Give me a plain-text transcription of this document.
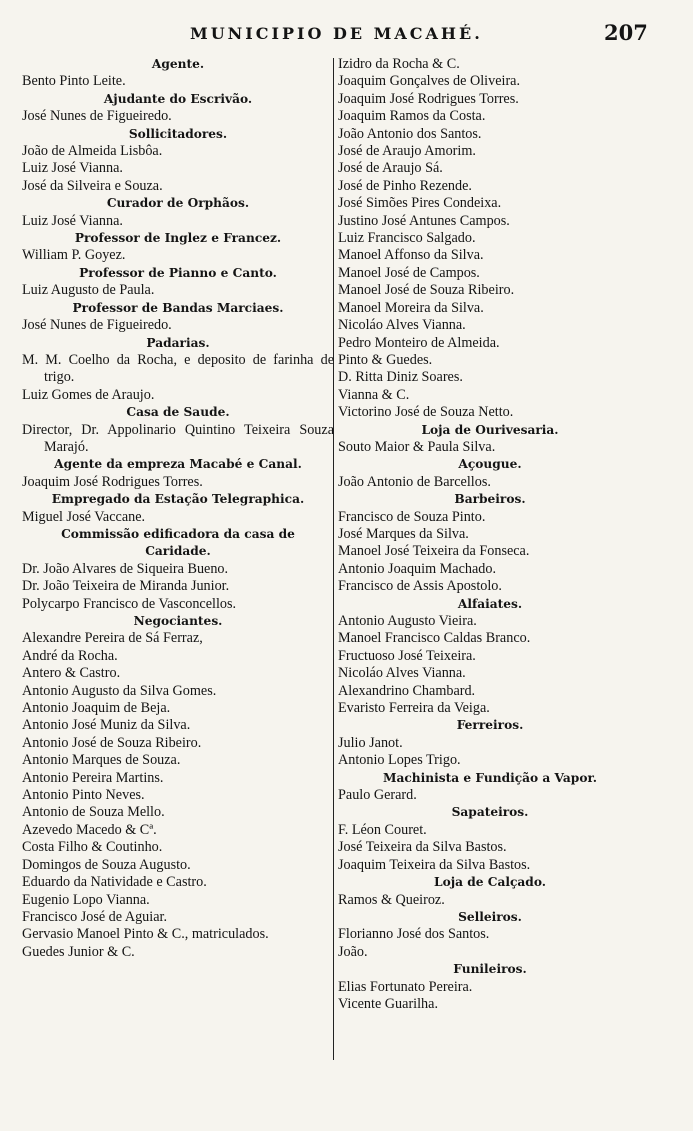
MUNICIPIO DE MACAHÉ.	207
Agente.
Bento Pinto Leite.
Ajudante do Escrivão.
José Nunes de Figueiredo.
Sollicitadores.
João de Almeida Lisbôa.
Luiz José Vianna.
José da Silveira e Souza.
Curador de Orphãos.
Luiz José Vianna.
Professor de Inglez e Francez.
William P. Goyez.
Professor de Pianno e Canto.
Luiz Augusto de Paula.
Professor de Bandas Marciaes.
José Nunes de Figueiredo.
Padarias.
M. M. Coelho da Rocha, e deposito de farinha de trigo.
Luiz Gomes de Araujo.
Casa de Saude.
Director, Dr. Appolinario Quintino Teixeira Souza Marajó.
Agente da empreza Macabé e Canal.
Joaquim José Rodrigues Torres.
Empregado da Estação Telegraphica.
Miguel José Vaccane.
Commissão edificadora da casa de Caridade.
Dr. João Alvares de Siqueira Bueno.
Dr. João Teixeira de Miranda Junior.
Polycarpo Francisco de Vasconcellos.
Negociantes.
Alexandre Pereira de Sá Ferraz,
André da Rocha.
Antero & Castro.
Antonio Augusto da Silva Gomes.
Antonio Joaquim de Beja.
Antonio José Muniz da Silva.
Antonio José de Souza Ribeiro.
Antonio Marques de Souza.
Antonio Pereira Martins.
Antonio Pinto Neves.
Antonio de Souza Mello.
Azevedo Macedo & Cª.
Costa Filho & Coutinho.
Domingos de Souza Augusto.
Eduardo da Natividade e Castro.
Eugenio Lopo Vianna.
Francisco José de Aguiar.
Gervasio Manoel Pinto & C., matriculados.
Guedes Junior & C.
Izidro da Rocha & C.
Joaquim Gonçalves de Oliveira.
Joaquim José Rodrigues Torres.
Joaquim Ramos da Costa.
João Antonio dos Santos.
José de Araujo Amorim.
José de Araujo Sá.
José de Pinho Rezende.
José Simões Pires Condeixa.
Justino José Antunes Campos.
Luiz Francisco Salgado.
Manoel Affonso da Silva.
Manoel José de Campos.
Manoel José de Souza Ribeiro.
Manoel Moreira da Silva.
Nicoláo Alves Vianna.
Pedro Monteiro de Almeida.
Pinto & Guedes.
D. Ritta Diniz Soares.
Vianna & C.
Victorino José de Souza Netto.
Loja de Ourivesaria.
Souto Maior & Paula Silva.
Açougue.
João Antonio de Barcellos.
Barbeiros.
Francisco de Souza Pinto.
José Marques da Silva.
Manoel José Teixeira da Fonseca.
Antonio Joaquim Machado.
Francisco de Assis Apostolo.
Alfaiates.
Antonio Augusto Vieira.
Manoel Francisco Caldas Branco.
Fructuoso José Teixeira.
Nicoláo Alves Vianna.
Alexandrino Chambard.
Evaristo Ferreira da Veiga.
Ferreiros.
Julio Janot.
Antonio Lopes Trigo.
Machinista e Fundição a Vapor.
Paulo Gerard.
Sapateiros.
F. Léon Couret.
José Teixeira da Silva Bastos.
Joaquim Teixeira da Silva Bastos.
Loja de Calçado.
Ramos & Queiroz.
Selleiros.
Florianno José dos Santos.
João.
Funileiros.
Elias Fortunato Pereira.
Vicente Guarilha.
